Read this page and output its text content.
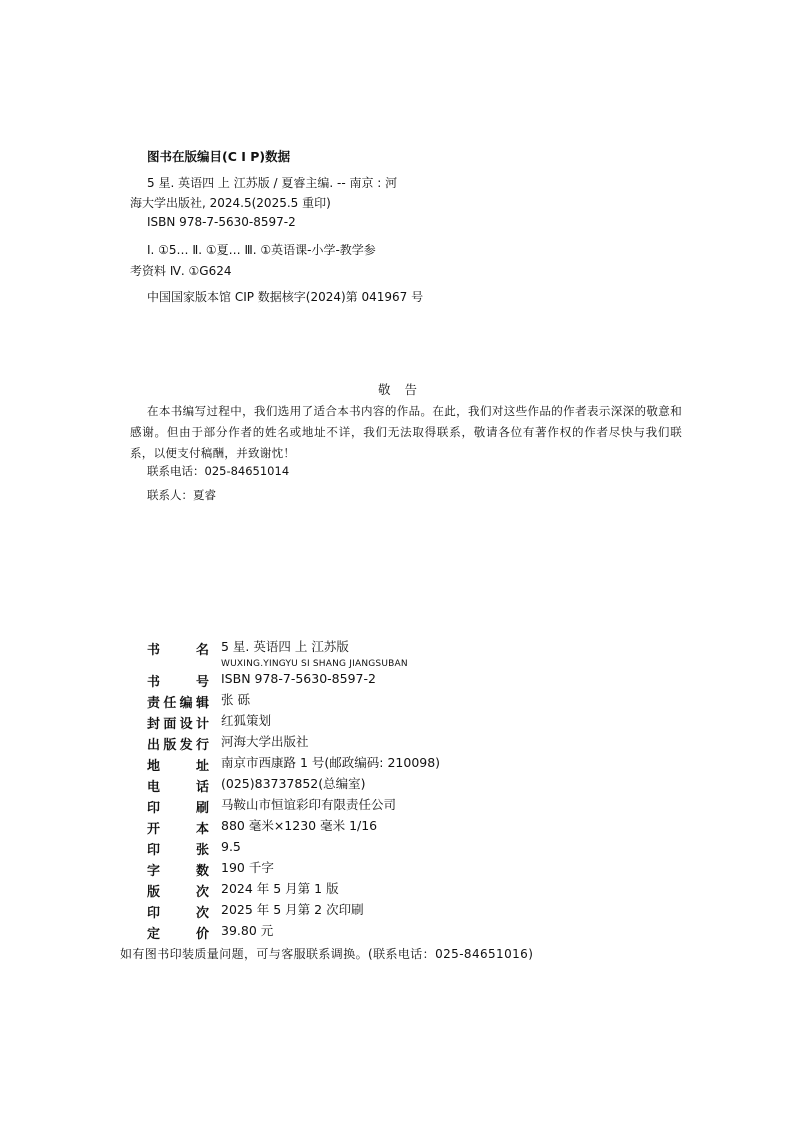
图书在版编目(C I P)数据
5 星. 英语四 上 江苏版 / 夏睿主编. -- 南京 : 河
海大学出版社, 2024.5(2025.5 重印)
ISBN 978-7-5630-8597-2
Ⅰ. ①5… Ⅱ. ①夏… Ⅲ. ①英语课-小学-教学参
考资料 Ⅳ. ①G624
中国国家版本馆 CIP 数据核字(2024)第 041967 号
敬告
在本书编写过程中，我们选用了适合本书内容的作品。在此，我们对这些作品的作者表示深深的敬意和感谢。但由于部分作者的姓名或地址不详，我们无法取得联系，敬请各位有著作权的作者尽快与我们联系，以便支付稿酬，并致谢忱！
联系电话：025-84651014
联系人：夏睿
书名 5 星. 英语四 上 江苏版
WUXING.YINGYU SI SHANG JIANGSUBAN
书号 ISBN 978-7-5630-8597-2
责任编辑 张 砾
封面设计 红狐策划
出版发行 河海大学出版社
地址 南京市西康路 1 号(邮政编码: 210098)
电话 (025)83737852(总编室)
印刷 马鞍山市恒谊彩印有限责任公司
开本 880 毫米×1230 毫米 1/16
印张 9.5
字数 190 千字
版次 2024 年 5 月第 1 版
印次 2025 年 5 月第 2 次印刷
定价 39.80 元
如有图书印装质量问题，可与客服联系调换。(联系电话：025-84651016)
